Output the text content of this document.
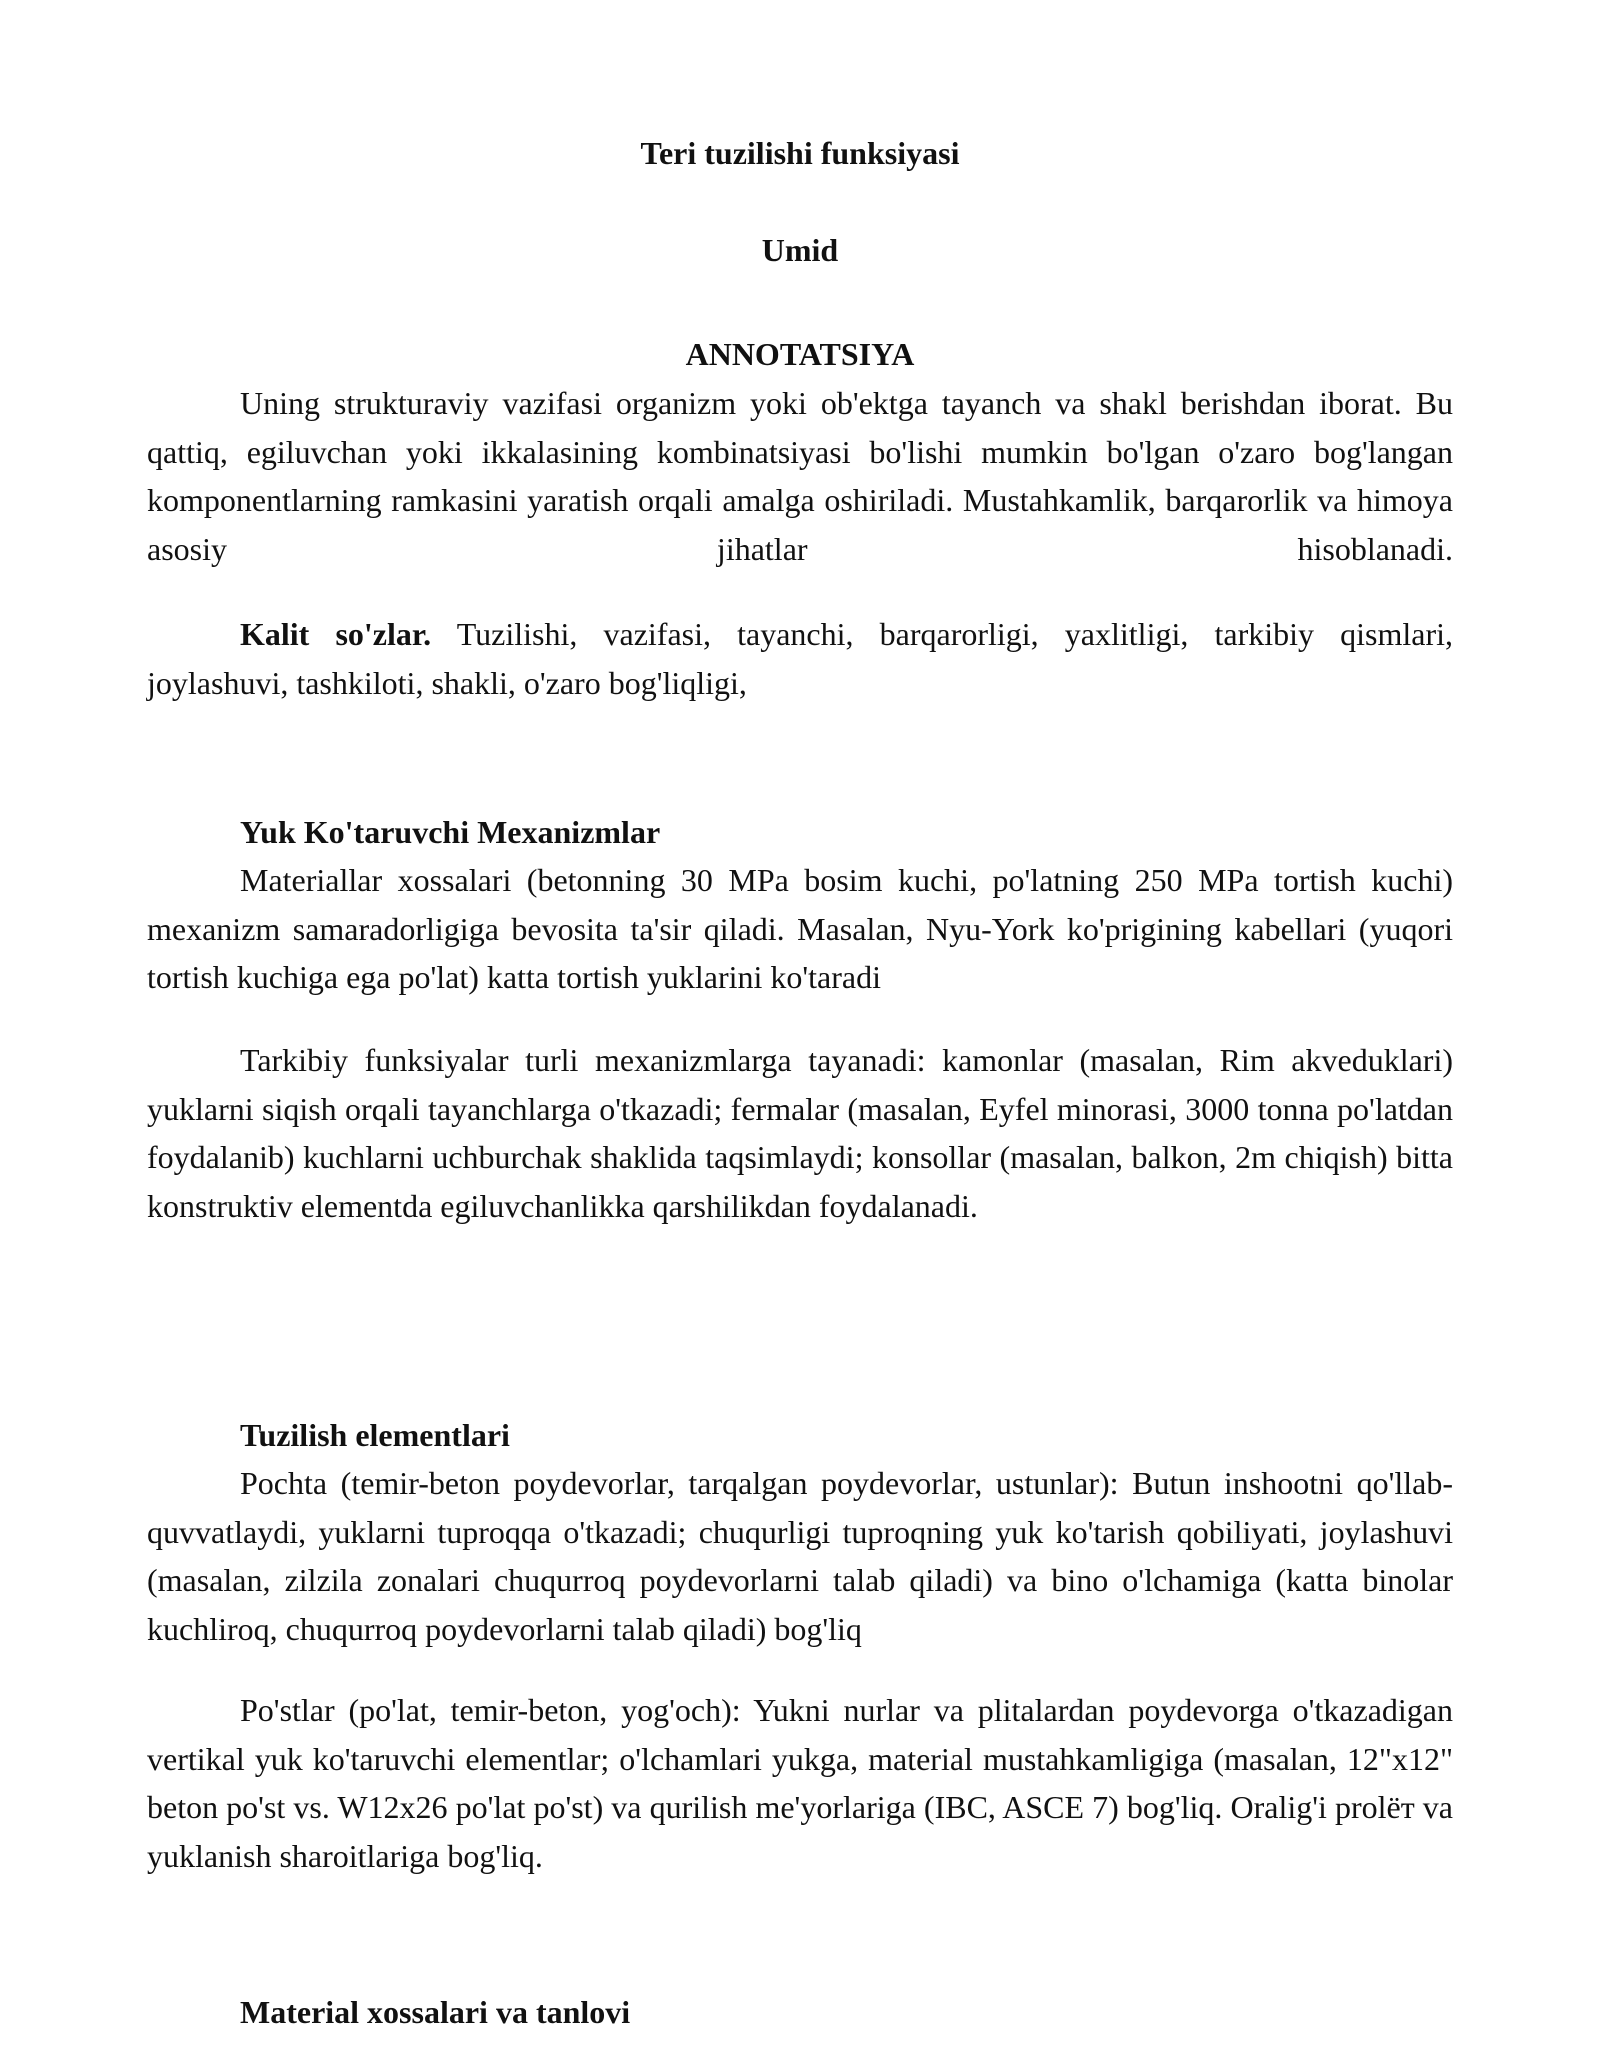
Teri tuzilishi funksiyasi
Umid
ANNOTATSIYA
Uning strukturaviy vazifasi organizm yoki ob'ektga tayanch va shakl berishdan iborat. Bu qattiq, egiluvchan yoki ikkalasining kombinatsiyasi bo'lishi mumkin bo'lgan o'zaro bog'langan komponentlarning ramkasini yaratish orqali amalga oshiriladi. Mustahkamlik, barqarorlik va himoya asosiy jihatlar hisoblanadi.
Kalit so'zlar. Tuzilishi, vazifasi, tayanchi, barqarorligi, yaxlitligi, tarkibiy qismlari, joylashuvi, tashkiloti, shakli, o'zaro bog'liqligi,
Yuk Ko'taruvchi Mexanizmlar
Materiallar xossalari (betonning 30 MPa bosim kuchi, po'latning 250 MPa tortish kuchi) mexanizm samaradorligiga bevosita ta'sir qiladi. Masalan, Nyu-York ko'prigining kabellari (yuqori tortish kuchiga ega po'lat) katta tortish yuklarini ko'taradi
Tarkibiy funksiyalar turli mexanizmlarga tayanadi: kamonlar (masalan, Rim akveduklari) yuklarni siqish orqali tayanchlarga o'tkazadi; fermalar (masalan, Eyfel minorasi, 3000 tonna po'latdan foydalanib) kuchlarni uchburchak shaklida taqsimlaydi; konsollar (masalan, balkon, 2m chiqish) bitta konstruktiv elementda egiluvchanlikka qarshilikdan foydalanadi.
Tuzilish elementlari
Pochta (temir-beton poydevorlar, tarqalgan poydevorlar, ustunlar): Butun inshootni qo'llab-quvvatlaydi, yuklarni tuproqqa o'tkazadi; chuqurligi tuproqning yuk ko'tarish qobiliyati, joylashuvi (masalan, zilzila zonalari chuqurroq poydevorlarni talab qiladi) va bino o'lchamiga (katta binolar kuchliroq, chuqurroq poydevorlarni talab qiladi) bog'liq
Po'stlar (po'lat, temir-beton, yog'och): Yukni nurlar va plitalardan poydevorga o'tkazadigan vertikal yuk ko'taruvchi elementlar; o'lchamlari yukga, material mustahkamligiga (masalan, 12"x12" beton po'st vs. W12x26 po'lat po'st) va qurilish me'yorlariga (IBC, ASCE 7) bog'liq. Oralig'i prolёт va yuklanish sharoitlariga bog'liq.
Material xossalari va tanlovi
